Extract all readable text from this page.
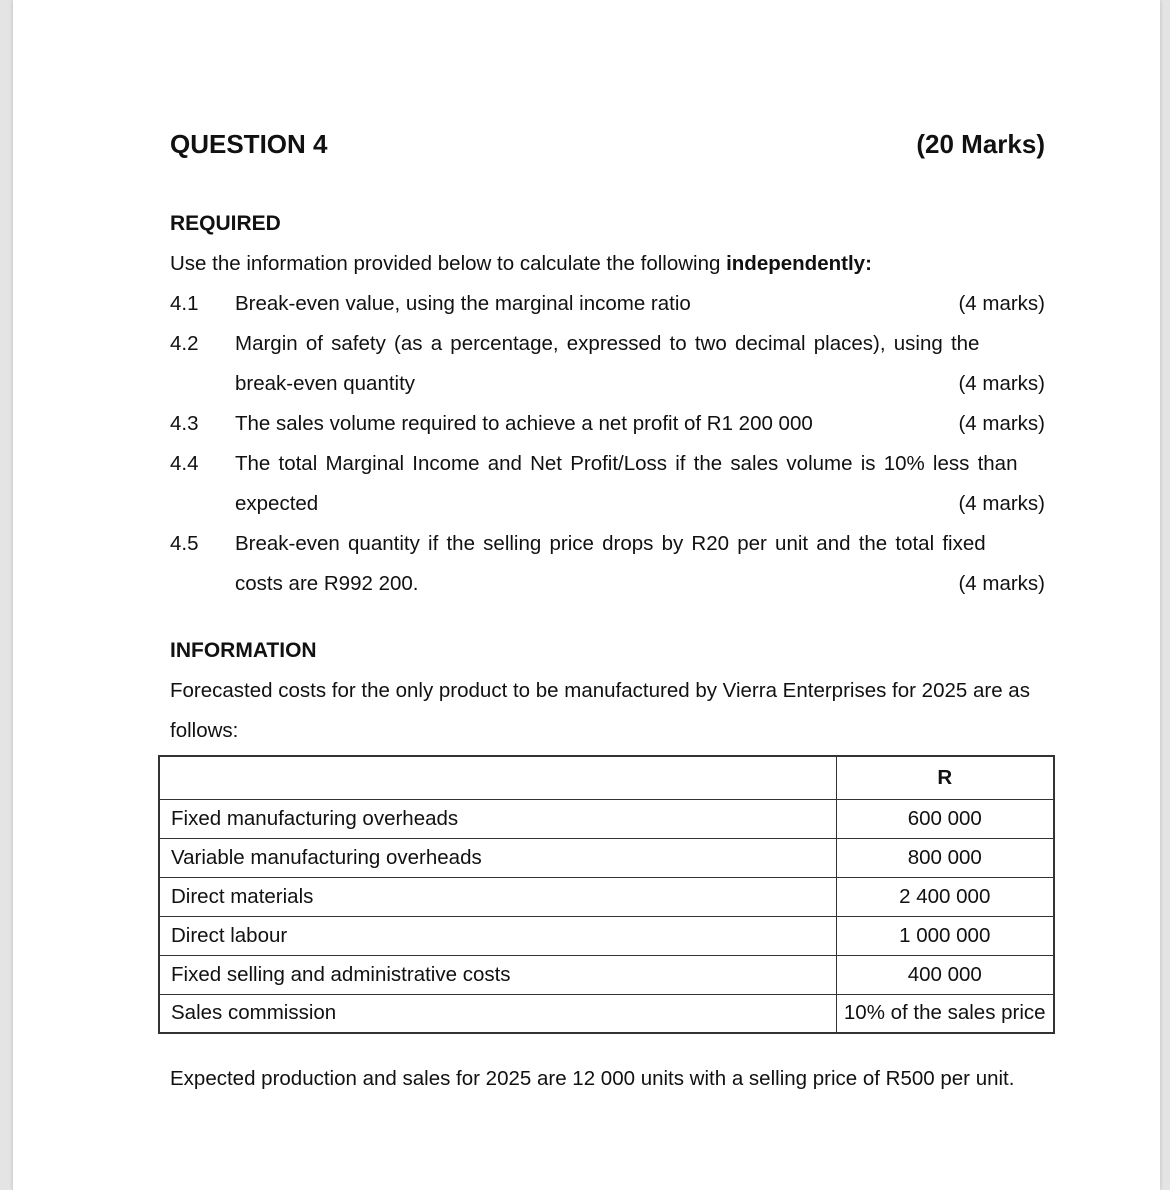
QUESTION 4	(20 Marks)
REQUIRED
Use the information provided below to calculate the following independently:
4.1	Break-even value, using the marginal income ratio	(4 marks)
4.2	Margin of safety (as a percentage, expressed to two decimal places), using the
break-even quantity	(4 marks)
4.3	The sales volume required to achieve a net profit of R1 200 000	(4 marks)
4.4	The total Marginal Income and Net Profit/Loss if the sales volume is 10% less than
expected	(4 marks)
4.5	Break-even quantity if the selling price drops by R20 per unit and the total fixed
costs are R992 200.	(4 marks)
INFORMATION
Forecasted costs for the only product to be manufactured by Vierra Enterprises for 2025 are as follows:
	R
Fixed manufacturing overheads	600 000
Variable manufacturing overheads	800 000
Direct materials	2 400 000
Direct labour	1 000 000
Fixed selling and administrative costs	400 000
Sales commission	10% of the sales price
Expected production and sales for 2025 are 12 000 units with a selling price of R500 per unit.
